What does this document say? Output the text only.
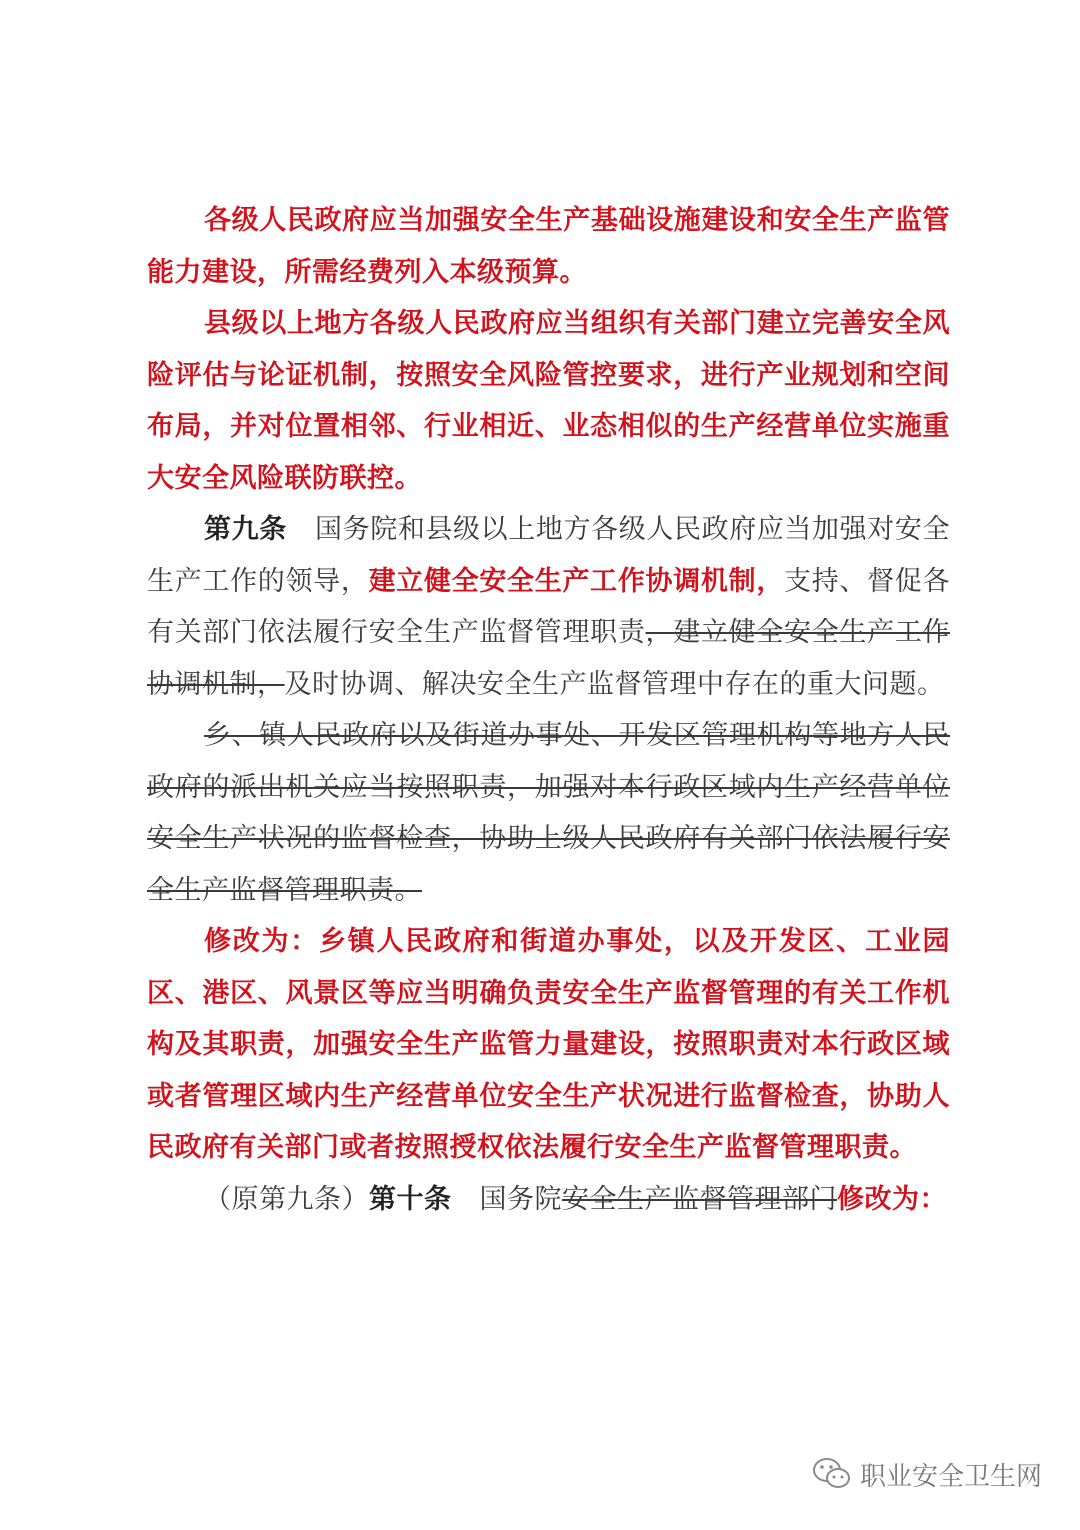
各级人民政府应当加强安全生产基础设施建设和安全生产监管能力建设，所需经费列入本级预算。

县级以上地方各级人民政府应当组织有关部门建立完善安全风险评估与论证机制，按照安全风险管控要求，进行产业规划和空间布局，并对位置相邻、行业相近、业态相似的生产经营单位实施重大安全风险联防联控。

第九条 国务院和县级以上地方各级人民政府应当加强对安全生产工作的领导，建立健全安全生产工作协调机制，支持、督促各有关部门依法履行安全生产监督管理职责，建立健全安全生产工作协调机制，及时协调、解决安全生产监督管理中存在的重大问题。

乡、镇人民政府以及街道办事处、开发区管理机构等地方人民政府的派出机关应当按照职责，加强对本行政区域内生产经营单位安全生产状况的监督检查，协助上级人民政府有关部门依法履行安全生产监督管理职责。

修改为：乡镇人民政府和街道办事处，以及开发区、工业园区、港区、风景区等应当明确负责安全生产监督管理的有关工作机构及其职责，加强安全生产监管力量建设，按照职责对本行政区域或者管理区域内生产经营单位安全生产状况进行监督检查，协助人民政府有关部门或者按照授权依法履行安全生产监督管理职责。

（原第九条）第十条 国务院安全生产监督管理部门修改为：

职业安全卫生网
